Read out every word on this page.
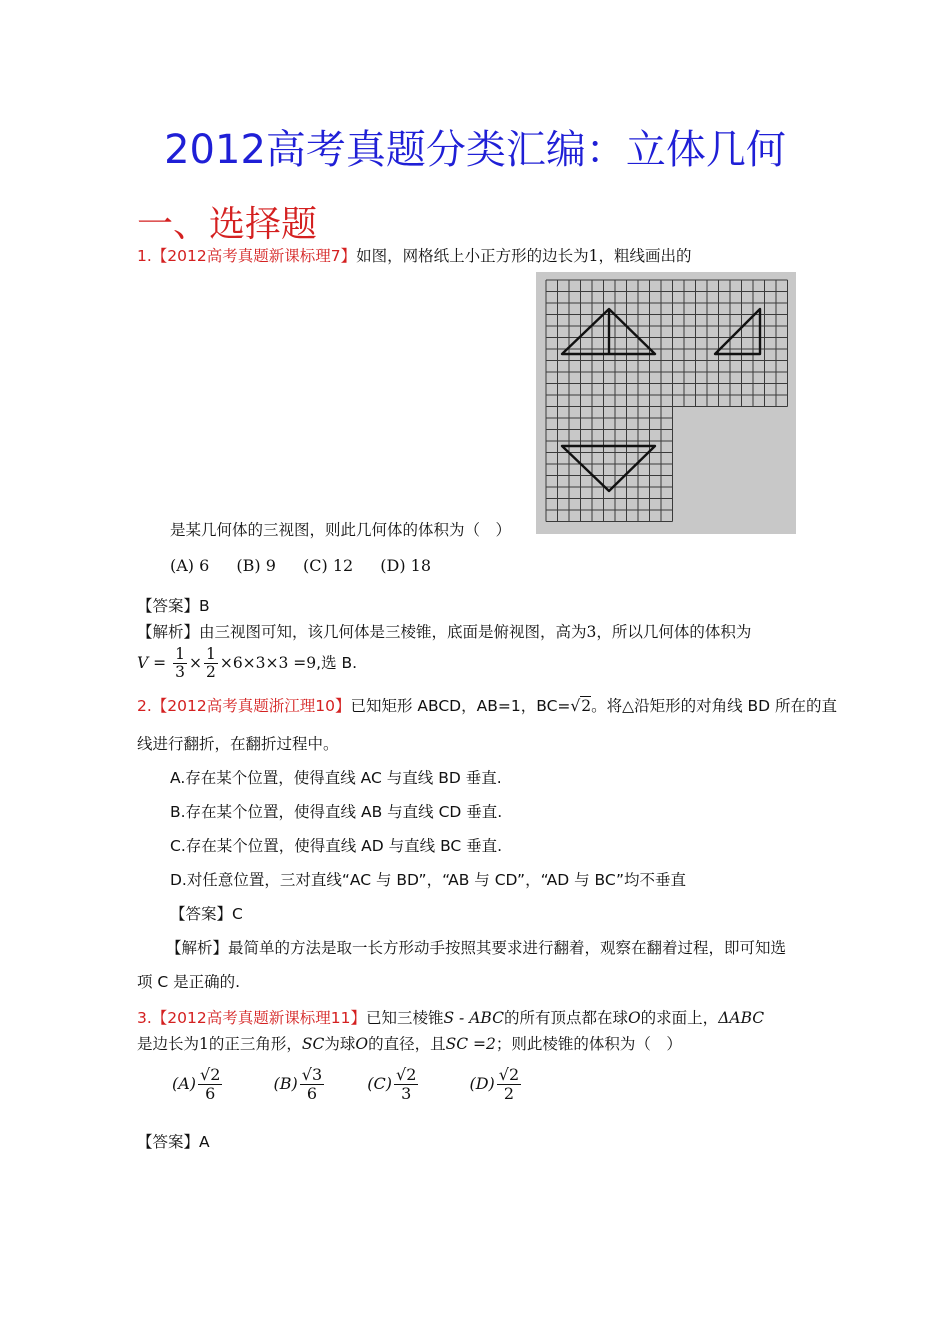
2012高考真题分类汇编：立体几何
一、选择题
1.【2012高考真题新课标理7】如图，网格纸上小正方形的边长为1，粗线画出的
是某几何体的三视图，则此几何体的体积为（　）
(A) 6 (B) 9 (C) 12 (D) 18
【答案】B
【解析】由三视图可知，该几何体是三棱锥，底面是俯视图，高为3，所以几何体的体积为
$V = \frac{1}{3} \times \frac{1}{2} \times 6\times 3\times 3 =9$,选 B.
2.【2012高考真题浙江理10】已知矩形 ABCD，AB=1，BC=√2。将△沿矩形的对角线 BD 所在的直
线进行翻折，在翻折过程中。
A.存在某个位置，使得直线 AC 与直线 BD 垂直.
B.存在某个位置，使得直线 AB 与直线 CD 垂直.
C.存在某个位置，使得直线 AD 与直线 BC 垂直.
D.对任意位置，三对直线“AC 与 BD”，“AB 与 CD”，“AD 与 BC”均不垂直
【答案】C
【解析】最简单的方法是取一长方形动手按照其要求进行翻着，观察在翻着过程，即可知选
项 C 是正确的.
3.【2012高考真题新课标理11】已知三棱锥S - ABC的所有顶点都在球O的求面上，ΔABC
是边长为1的正三角形，SC为球O的直径，且SC =2；则此棱锥的体积为（　）
$(A) \frac{√2}{6}$	$(B) \frac{√3}{6}$	$(C) \frac{√2}{3}$	$(D) \frac{√2}{2}$
【答案】A
